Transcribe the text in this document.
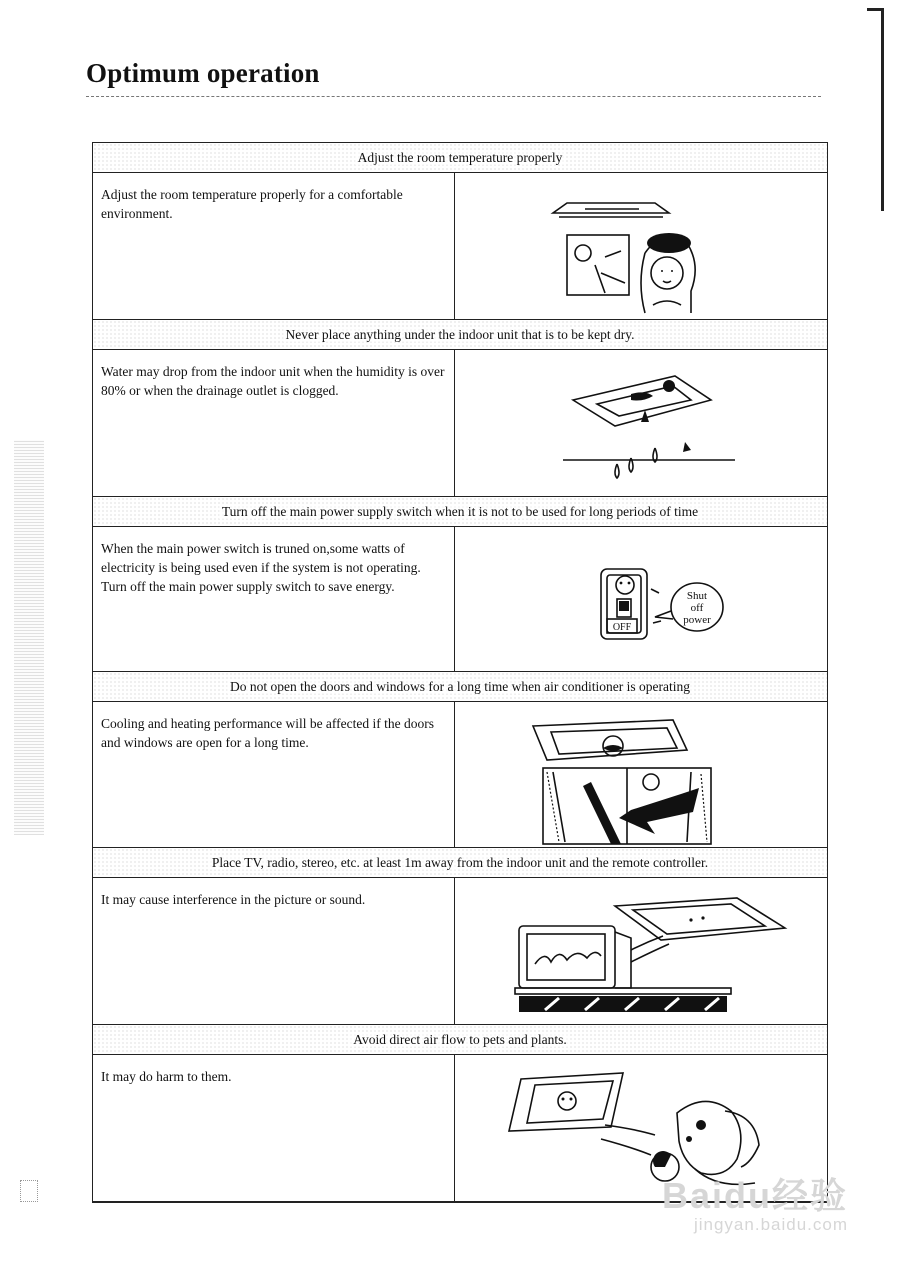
Optimum operation
Adjust the room temperature properly
Adjust the room temperature properly for a comfortable environment.
Never place anything under the indoor unit that is to be kept dry.
Water may drop from the indoor unit when the humidity is over 80% or when the drainage outlet is clogged.
Turn off the main power supply switch when it is not to be used for long periods of time
When the main power switch is truned on,some watts of electricity is being used even if the system is not operating. Turn off the main power supply switch to save energy.
Shut
off
power
OFF
Do not open the doors and windows for a long time when air conditioner is operating
Cooling and heating performance will be affected if the doors and windows are open for a long time.
Place TV, radio, stereo, etc. at least 1m away from the indoor unit and the remote controller.
It may cause interference in the picture or sound.
Avoid direct air flow to pets and plants.
It may do harm to them.
Baidu经验
jingyan.baidu.com
